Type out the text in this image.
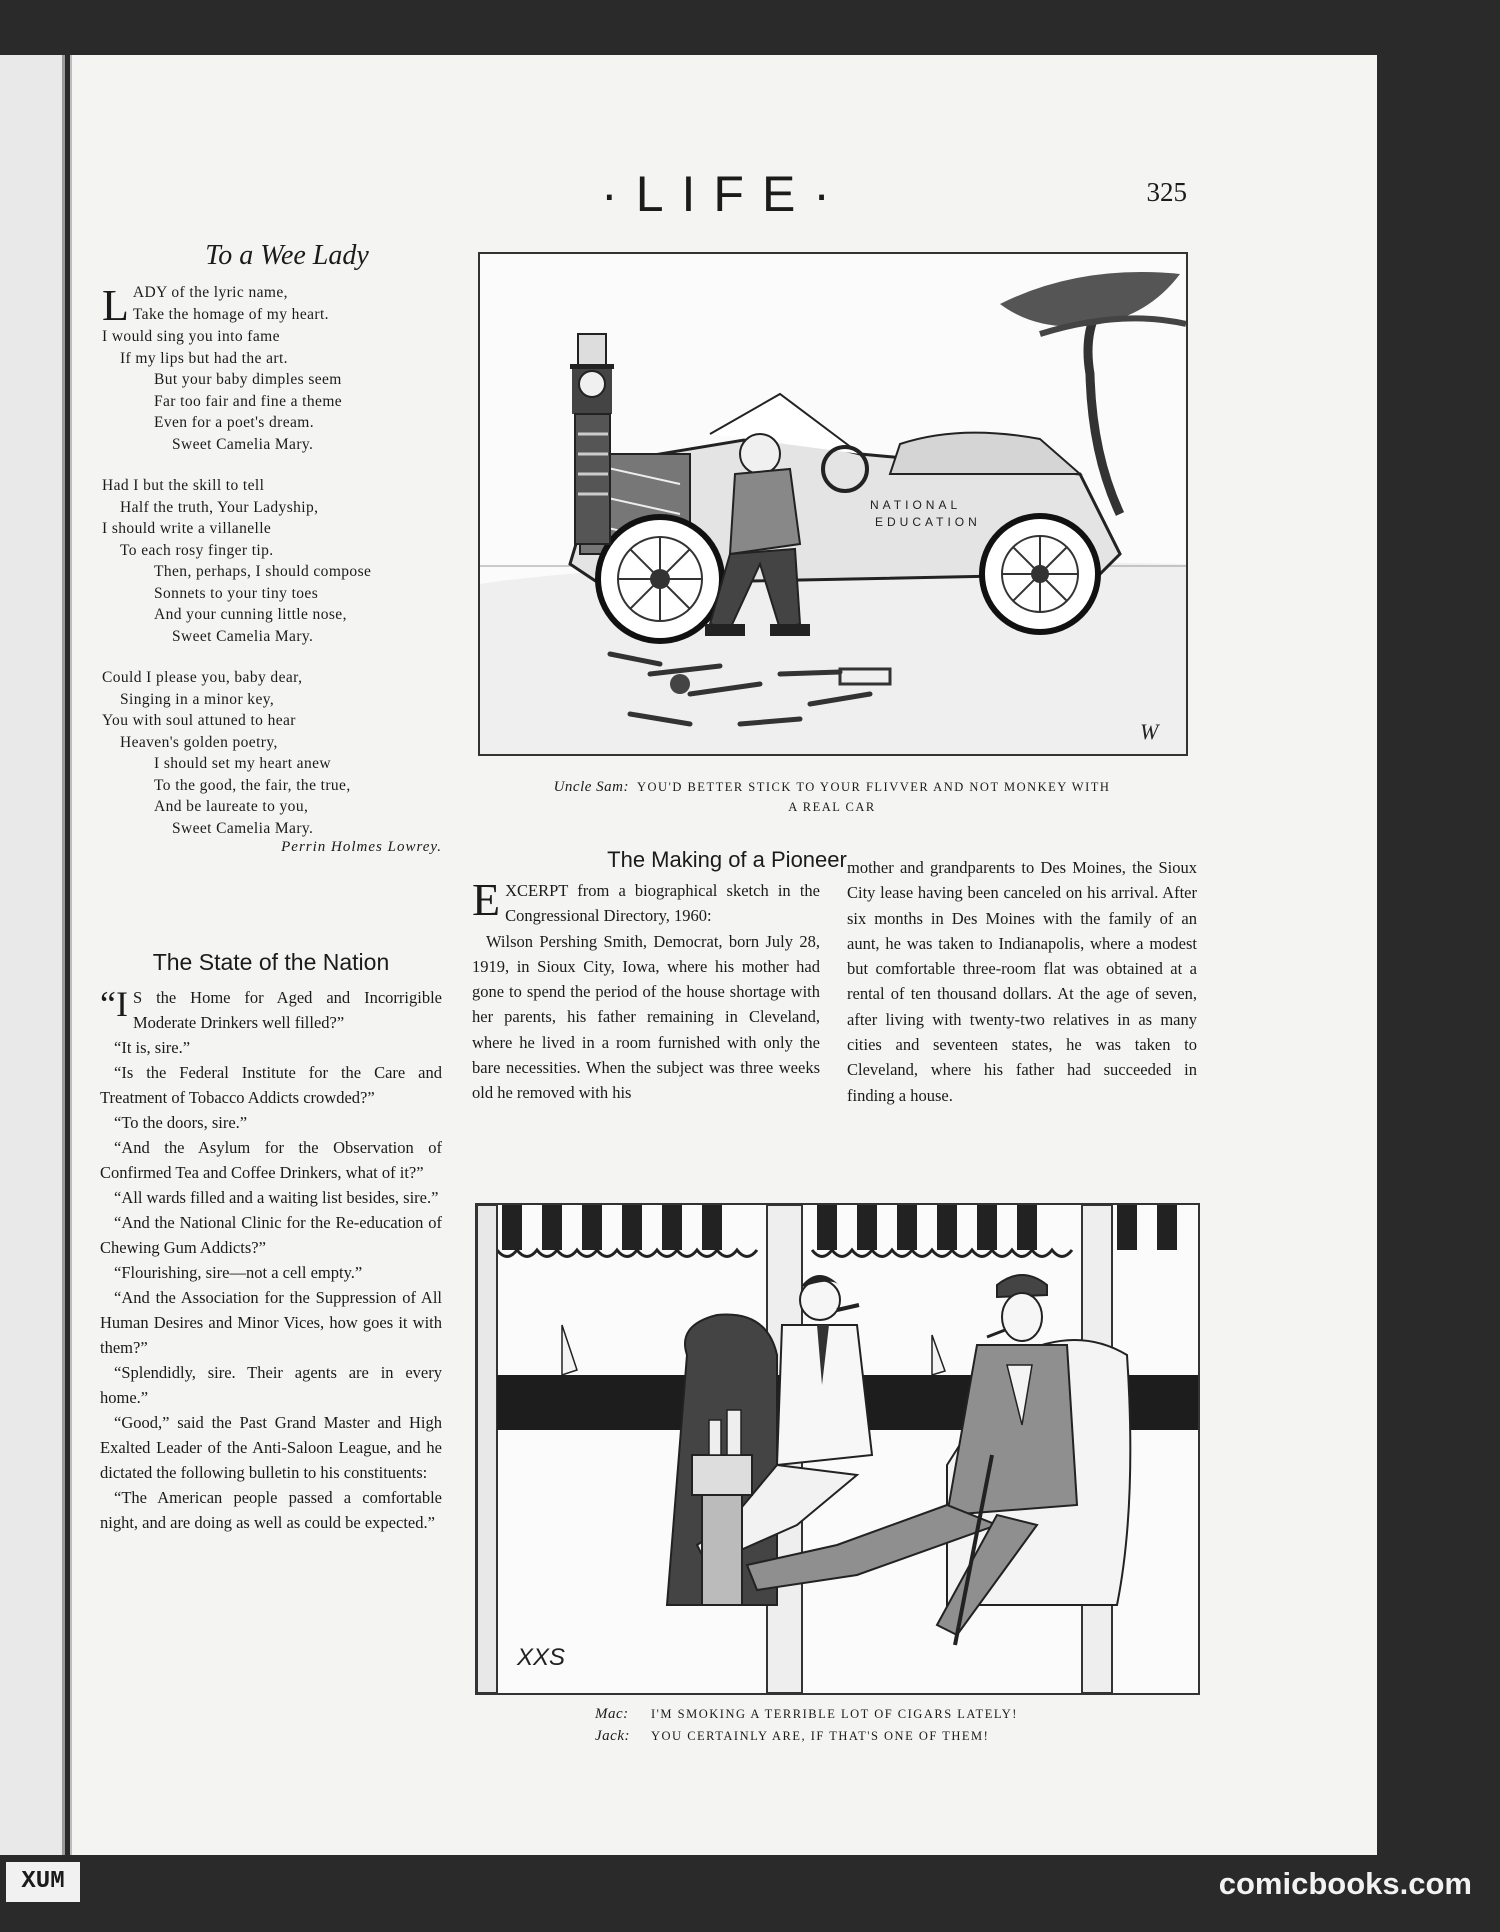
·LIFE·	325
To a Wee Lady
L ADY of the lyric name,
Take the homage of my heart.
I would sing you into fame
If my lips but had the art.
But your baby dimples seem
Far too fair and fine a theme
Even for a poet's dream.
Sweet Camelia Mary.
Had I but the skill to tell
Half the truth, Your Ladyship,
I should write a villanelle
To each rosy finger tip.
Then, perhaps, I should compose
Sonnets to your tiny toes
And your cunning little nose,
Sweet Camelia Mary.
Could I please you, baby dear,
Singing in a minor key,
You with soul attuned to hear
Heaven's golden poetry,
I should set my heart anew
To the good, the fair, the true,
And be laureate to you,
Sweet Camelia Mary.
Perrin Holmes Lowrey.
The State of the Nation

“I S the Home for Aged and Incorrigible Moderate Drinkers well filled?”

“It is, sire.”

“Is the Federal Institute for the Care and Treatment of Tobacco Addicts crowded?”

“To the doors, sire.”

“And the Asylum for the Observation of Confirmed Tea and Coffee Drinkers, what of it?”

“All wards filled and a waiting list besides, sire.”

“And the National Clinic for the Re-education of Chewing Gum Addicts?”

“Flourishing, sire—not a cell empty.”

“And the Association for the Suppression of All Human Desires and Minor Vices, how goes it with them?”

“Splendidly, sire. Their agents are in every home.”

“Good,” said the Past Grand Master and High Exalted Leader of the Anti-Saloon League, and he dictated the following bulletin to his constituents:

“The American people passed a comfortable night, and are doing as well as could be expected.”

NATIONAL
EDUCATION
W
Uncle Sam: YOU'D BETTER STICK TO YOUR FLIVVER AND NOT MONKEY WITH
A REAL CAR
The Making of a Pioneer

EXCERPT from a biographical sketch in the Congressional Directory, 1960:

Wilson Pershing Smith, Democrat, born July 28, 1919, in Sioux City, Iowa, where his mother had gone to spend the period of the house shortage with her parents, his father remaining in Cleveland, where he lived in a room furnished with only the bare necessities. When the subject was three weeks old he removed with his

mother and grandparents to Des Moines, the Sioux City lease having been canceled on his arrival. After six months in Des Moines with the family of an aunt, he was taken to Indianapolis, where a modest but comfortable three-room flat was obtained at a rental of ten thousand dollars. At the age of seven, after living with twenty-two relatives in as many cities and seventeen states, he was taken to Cleveland, where his father had succeeded in finding a house.

XXS
Mac: I'M SMOKING A TERRIBLE LOT OF CIGARS LATELY!
Jack: YOU CERTAINLY ARE, IF THAT'S ONE OF THEM!
XUM	comicbooks.com
